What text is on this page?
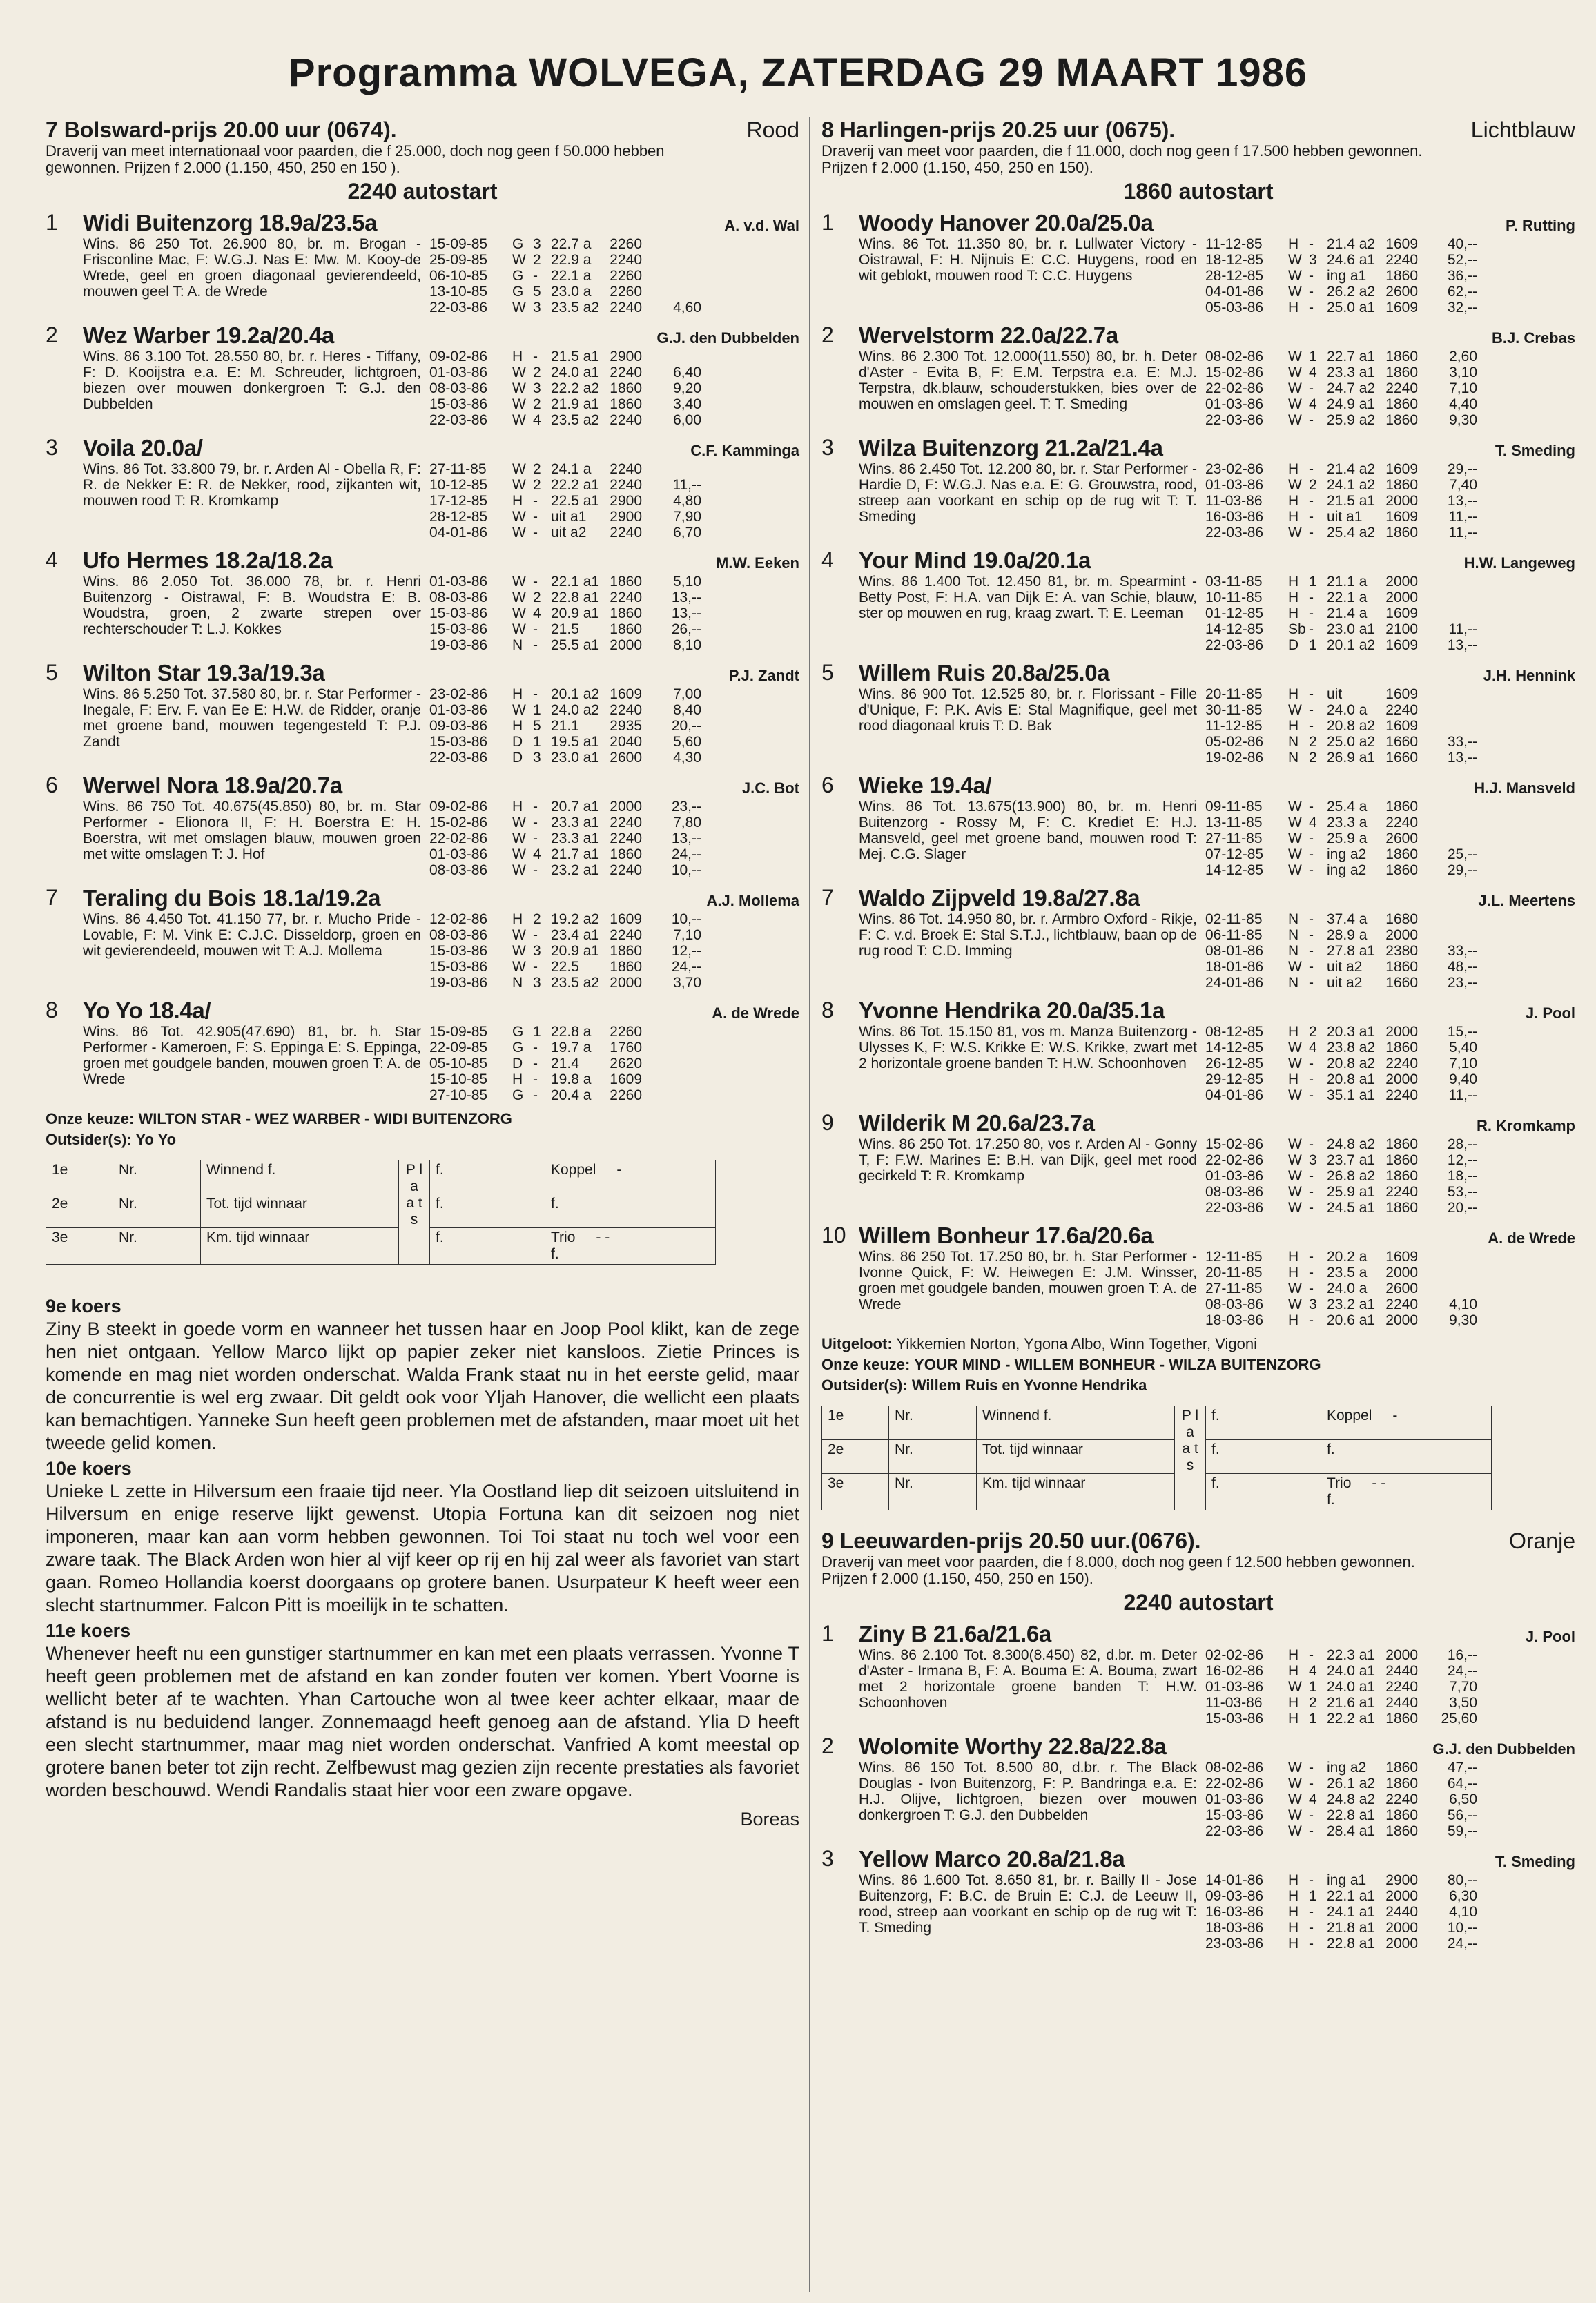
Programma WOLVEGA, ZATERDAG 29 MAART 1986
7 Bolsward-prijs 20.00 uur (0674).	Rood
Draverij van meet internationaal voor paarden, die f 25.000, doch nog geen f 50.000 hebben gewonnen. Prijzen f 2.000 (1.150, 450, 250 en 150 ).
2240 autostart
1	Widi Buitenzorg 18.9a/23.5a	A. v.d. Wal
Wins. 86 250 Tot. 26.900 80, br. m. Brogan - Frisconline Mac, F: W.G.J. Nas E: Mw. M. Kooy-de Wrede, geel en groen diagonaal gevierendeeld, mouwen geel T: A. de Wrede
15-09-85	G 3 22.7 a	2260
25-09-85	W 2 22.9 a	2240
06-10-85	G - 22.1 a	2260
13-10-85	G 5 23.0 a	2260
22-03-86	W 3 23.5 a2 2240	4,60
2	Wez Warber 19.2a/20.4a	G.J. den Dubbelden
Wins. 86 3.100 Tot. 28.550 80, br. r. Heres - Tiffany, F: D. Kooijstra e.a. E: M. Schreuder, lichtgroen, biezen over mouwen donkergroen T: G.J. den Dubbelden
09-02-86	H - 21.5 a1 2900
01-03-86	W 2 24.0 a1 2240	6,40
08-03-86	W 3 22.2 a2 1860	9,20
15-03-86	W 2 21.9 a1 1860	3,40
22-03-86	W 4 23.5 a2 2240	6,00
3	Voila 20.0a/	C.F. Kamminga
Wins. 86 Tot. 33.800 79, br. r. Arden Al - Obella R, F: R. de Nekker E: R. de Nekker, rood, zijkanten wit, mouwen rood T: R. Kromkamp
27-11-85	W 2 24.1 a	2240
10-12-85	W 2 22.2 a1 2240	11,--
17-12-85	H - 22.5 a1 2900	4,80
28-12-85	W - uit a1	2900	7,90
04-01-86	W - uit a2	2240	6,70
4	Ufo Hermes 18.2a/18.2a	M.W. Eeken
Wins. 86 2.050 Tot. 36.000 78, br. r. Henri Buitenzorg - Oistrawal, F: B. Woudstra E: B. Woudstra, groen, 2 zwarte strepen over rechterschouder T: L.J. Kokkes
01-03-86	W - 22.1 a1 1860	5,10
08-03-86	W 2 22.8 a1 2240	13,--
15-03-86	W 4 20.9 a1 1860	13,--
15-03-86	W - 21.5	1860	26,--
19-03-86	N - 25.5 a1 2000	8,10
5	Wilton Star 19.3a/19.3a	P.J. Zandt
Wins. 86 5.250 Tot. 37.580 80, br. r. Star Performer - Inegale, F: Erv. F. van Ee E: H.W. de Ridder, oranje met groene band, mouwen tegengesteld T: P.J. Zandt
23-02-86	H - 20.1 a2 1609	7,00
01-03-86	W 1 24.0 a2 2240	8,40
09-03-86	H 5 21.1	2935	20,--
15-03-86	D 1 19.5 a1 2040	5,60
22-03-86	D 3 23.0 a1 2600	4,30
6	Werwel Nora 18.9a/20.7a	J.C. Bot
Wins. 86 750 Tot. 40.675(45.850) 80, br. m. Star Performer - Elionora II, F: H. Boerstra E: H. Boerstra, wit met omslagen blauw, mouwen groen met witte omslagen T: J. Hof
09-02-86	H - 20.7 a1 2000	23,--
15-02-86	W - 23.3 a1 2240	7,80
22-02-86	W - 23.3 a1 2240	13,--
01-03-86	W 4 21.7 a1 1860	24,--
08-03-86	W - 23.2 a1 2240	10,--
7	Teraling du Bois 18.1a/19.2a	A.J. Mollema
Wins. 86 4.450 Tot. 41.150 77, br. r. Mucho Pride - Lovable, F: M. Vink E: C.J.C. Disseldorp, groen en wit gevierendeeld, mouwen wit T: A.J. Mollema
12-02-86	H 2 19.2 a2 1609	10,--
08-03-86	W - 23.4 a1 2240	7,10
15-03-86	W 3 20.9 a1 1860	12,--
15-03-86	W - 22.5	1860	24,--
19-03-86	N 3 23.5 a2 2000	3,70
8	Yo Yo 18.4a/	A. de Wrede
Wins. 86 Tot. 42.905(47.690) 81, br. h. Star Performer - Kameroen, F: S. Eppinga E: S. Eppinga, groen met goudgele banden, mouwen groen T: A. de Wrede
15-09-85	G 1 22.8 a	2260
22-09-85	G - 19.7 a	1760
05-10-85	D - 21.4	2620
15-10-85	H - 19.8 a	1609
27-10-85	G - 20.4 a	2260
Onze keuze: WILTON STAR - WEZ WARBER - WIDI BUITENZORG
Outsider(s): Yo Yo
1e	Nr.	Winnend f.	P l a a t s	f.	Koppel -
2e	Nr.	Tot. tijd winnaar		f.	f.
3e	Nr.	Km. tijd winnaar		f.	Trio - -
f.
9e koers

Ziny B steekt in goede vorm en wanneer het tussen haar en Joop Pool klikt, kan de zege hen niet ontgaan. Yellow Marco lijkt op papier zeker niet kansloos. Zietie Princes is komende en mag niet worden onderschat. Walda Frank staat nu in het eerste gelid, maar de concurrentie is wel erg zwaar. Dit geldt ook voor Yljah Hanover, die wellicht een plaats kan bemachtigen. Yanneke Sun heeft geen problemen met de afstanden, maar moet uit het tweede gelid komen.

10e koers

Unieke L zette in Hilversum een fraaie tijd neer. Yla Oostland liep dit seizoen uitsluitend in Hilversum en enige reserve lijkt gewenst. Utopia Fortuna kan dit seizoen nog niet imponeren, maar kan aan vorm hebben gewonnen. Toi Toi staat nu toch wel voor een zware taak. The Black Arden won hier al vijf keer op rij en hij zal weer als favoriet van start gaan. Romeo Hollandia koerst doorgaans op grotere banen. Usurpateur K heeft weer een slecht startnummer. Falcon Pitt is moeilijk in te schatten.

11e koers

Whenever heeft nu een gunstiger startnummer en kan met een plaats verrassen. Yvonne T heeft geen problemen met de afstand en kan zonder fouten ver komen. Ybert Voorne is wellicht beter af te wachten. Yhan Cartouche won al twee keer achter elkaar, maar de afstand is nu beduidend langer. Zonnemaagd heeft genoeg aan de afstand. Ylia D heeft een slecht startnummer, maar mag niet worden onderschat. Vanfried A komt meestal op grotere banen beter tot zijn recht. Zelfbewust mag gezien zijn recente prestaties als favoriet worden beschouwd. Wendi Randalis staat hier voor een zware opgave.

Boreas
8 Harlingen-prijs 20.25 uur (0675).	Lichtblauw
Draverij van meet voor paarden, die f 11.000, doch nog geen f 17.500 hebben gewonnen. Prijzen f 2.000 (1.150, 450, 250 en 150).
1860 autostart
1	Woody Hanover 20.0a/25.0a	P. Rutting
Wins. 86 Tot. 11.350 80, br. r. Lullwater Victory - Oistrawal, F: H. Nijnuis E: C.C. Huygens, rood en wit geblokt, mouwen rood T: C.C. Huygens
11-12-85	H - 21.4 a2 1609	40,--
18-12-85	W 3 24.6 a1 2240	52,--
28-12-85	W - ing a1	1860	36,--
04-01-86	W - 26.2 a2 2600	62,--
05-03-86	H - 25.0 a1 1609	32,--
2	Wervelstorm 22.0a/22.7a	B.J. Crebas
Wins. 86 2.300 Tot. 12.000(11.550) 80, br. h. Deter d'Aster - Evita B, F: E.M. Terpstra e.a. E: M.J. Terpstra, dk.blauw, schouderstukken, bies over de mouwen en omslagen geel. T: T. Smeding
08-02-86	W 1 22.7 a1 1860	2,60
15-02-86	W 4 23.3 a1 1860	3,10
22-02-86	W - 24.7 a2 2240	7,10
01-03-86	W 4 24.9 a1 1860	4,40
22-03-86	W - 25.9 a2 1860	9,30
3	Wilza Buitenzorg 21.2a/21.4a	T. Smeding
Wins. 86 2.450 Tot. 12.200 80, br. r. Star Performer - Hardie D, F: W.G.J. Nas e.a. E: G. Grouwstra, rood, streep aan voorkant en schip op de rug wit T: T. Smeding
23-02-86	H - 21.4 a2 1609	29,--
01-03-86	W 2 24.1 a2 1860	7,40
11-03-86	H - 21.5 a1 2000	13,--
16-03-86	H - uit a1	1609	11,--
22-03-86	W - 25.4 a2 1860	11,--
4	Your Mind 19.0a/20.1a	H.W. Langeweg
Wins. 86 1.400 Tot. 12.450 81, br. m. Spearmint - Betty Post, F: H.A. van Dijk E: A. van Schie, blauw, ster op mouwen en rug, kraag zwart. T: E. Leeman
03-11-85	H 1 21.1 a	2000
10-11-85	H - 22.1 a	2000
01-12-85	H - 21.4 a	1609
14-12-85	Sb - 23.0 a1 2100	11,--
22-03-86	D 1 20.1 a2 1609	13,--
5	Willem Ruis 20.8a/25.0a	J.H. Hennink
Wins. 86 900 Tot. 12.525 80, br. r. Florissant - Fille d'Unique, F: P.K. Avis E: Stal Magnifique, geel met rood diagonaal kruis T: D. Bak
20-11-85	H - uit	1609
30-11-85	W - 24.0 a	2240
11-12-85	H - 20.8 a2 1609
05-02-86	N 2 25.0 a2 1660	33,--
19-02-86	N 2 26.9 a1 1660	13,--
6	Wieke 19.4a/	H.J. Mansveld
Wins. 86 Tot. 13.675(13.900) 80, br. m. Henri Buitenzorg - Rossy M, F: C. Krediet E: H.J. Mansveld, geel met groene band, mouwen rood T: Mej. C.G. Slager
09-11-85	W - 25.4 a	1860
13-11-85	W 4 23.3 a	2240
27-11-85	W - 25.9 a	2600
07-12-85	W - ing a2	1860	25,--
14-12-85	W - ing a2	1860	29,--
7	Waldo Zijpveld 19.8a/27.8a	J.L. Meertens
Wins. 86 Tot. 14.950 80, br. r. Armbro Oxford - Rikje, F: C. v.d. Broek E: Stal S.T.J., lichtblauw, baan op de rug rood T: C.D. Imming
02-11-85	N - 37.4 a	1680
06-11-85	N - 28.9 a	2000
08-01-86	N - 27.8 a1 2380	33,--
18-01-86	W - uit a2	1860	48,--
24-01-86	N - uit a2	1660	23,--
8	Yvonne Hendrika 20.0a/35.1a	J. Pool
Wins. 86 Tot. 15.150 81, vos m. Manza Buitenzorg - Ulysses K, F: W.S. Krikke E: W.S. Krikke, zwart met 2 horizontale groene banden T: H.W. Schoonhoven
08-12-85	H 2 20.3 a1 2000	15,--
14-12-85	W 4 23.8 a2 1860	5,40
26-12-85	W - 20.8 a2 2240	7,10
29-12-85	H - 20.8 a1 2000	9,40
04-01-86	W - 35.1 a1 2240	11,--
9	Wilderik M 20.6a/23.7a	R. Kromkamp
Wins. 86 250 Tot. 17.250 80, vos r. Arden Al - Gonny T, F: F.W. Marines E: B.H. van Dijk, geel met rood gecirkeld T: R. Kromkamp
15-02-86	W - 24.8 a2 1860	28,--
22-02-86	W 3 23.7 a1 1860	12,--
01-03-86	W - 26.8 a2 1860	18,--
08-03-86	W - 25.9 a1 2240	53,--
22-03-86	W - 24.5 a1 1860	20,--
10 Willem Bonheur 17.6a/20.6a	A. de Wrede
Wins. 86 250 Tot. 17.250 80, br. h. Star Performer - Ivonne Quick, F: W. Heiwegen E: J.M. Winsser, groen met goudgele banden, mouwen groen T: A. de Wrede
12-11-85	H - 20.2 a	1609
20-11-85	H - 23.5 a	2000
27-11-85	W - 24.0 a	2600
08-03-86	W 3 23.2 a1 2240	4,10
18-03-86	H - 20.6 a1 2000	9,30
Uitgeloot: Yikkemien Norton, Ygona Albo, Winn Together, Vigoni
Onze keuze: YOUR MIND - WILLEM BONHEUR - WILZA BUITENZORG
Outsider(s): Willem Ruis en Yvonne Hendrika
1e	Nr.	Winnend f.	P l a a t s	f.	Koppel -
2e	Nr.	Tot. tijd winnaar		f.	f.
3e	Nr.	Km. tijd winnaar		f.	Trio - -
f.
9 Leeuwarden-prijs 20.50 uur.(0676).	Oranje
Draverij van meet voor paarden, die f 8.000, doch nog geen f 12.500 hebben gewonnen. Prijzen f 2.000 (1.150, 450, 250 en 150).
2240 autostart
1	Ziny B 21.6a/21.6a	J. Pool
Wins. 86 2.100 Tot. 8.300(8.450) 82, d.br. m. Deter d'Aster - Irmana B, F: A. Bouma E: A. Bouma, zwart met 2 horizontale groene banden T: H.W. Schoonhoven
02-02-86	H - 22.3 a1 2000	16,--
16-02-86	H 4 24.0 a1 2440	24,--
01-03-86	W 1 24.0 a1 2240	7,70
11-03-86	H 2 21.6 a1 2440	3,50
15-03-86	H 1 22.2 a1 1860	25,60
2	Wolomite Worthy 22.8a/22.8a	G.J. den Dubbelden
Wins. 86 150 Tot. 8.500 80, d.br. r. The Black Douglas - Ivon Buitenzorg, F: P. Bandringa e.a. E: H.J. Olijve, lichtgroen, biezen over mouwen donkergroen T: G.J. den Dubbelden
08-02-86	W - ing a2	1860	47,--
22-02-86	W - 26.1 a2 1860	64,--
01-03-86	W 4 24.8 a2 2240	6,50
15-03-86	W - 22.8 a1 1860	56,--
22-03-86	W - 28.4 a1 1860	59,--
3	Yellow Marco 20.8a/21.8a	T. Smeding
Wins. 86 1.600 Tot. 8.650 81, br. r. Bailly II - Jose Buitenzorg, F: B.C. de Bruin E: C.J. de Leeuw II, rood, streep aan voorkant en schip op de rug wit T: T. Smeding
14-01-86	H - ing a1	2900	80,--
09-03-86	H 1 22.1 a1 2000	6,30
16-03-86	H - 24.1 a1 2440	4,10
18-03-86	H - 21.8 a1 2000	10,--
23-03-86	H - 22.8 a1 2000	24,--
